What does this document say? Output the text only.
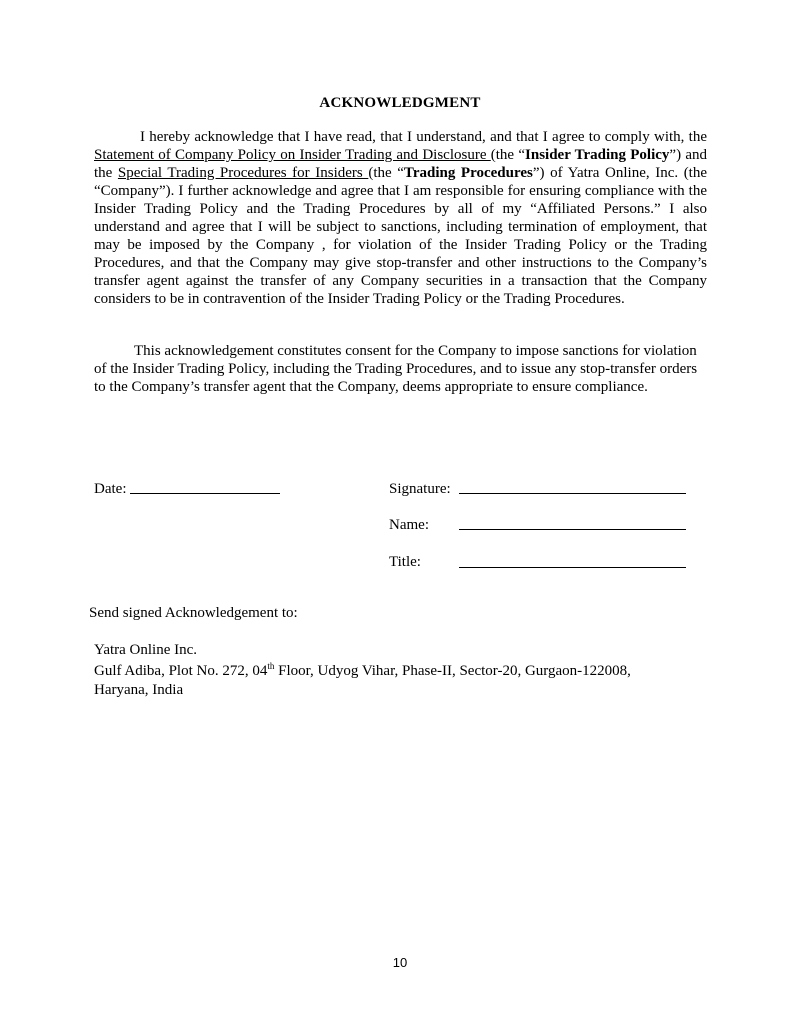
ACKNOWLEDGMENT
I hereby acknowledge that I have read, that I understand, and that I agree to comply with, the Statement of Company Policy on Insider Trading and Disclosure (the “Insider Trading Policy”) and the Special Trading Procedures for Insiders (the “Trading Procedures”) of Yatra Online, Inc. (the “Company”). I further acknowledge and agree that I am responsible for ensuring compliance with the Insider Trading Policy and the Trading Procedures by all of my “Affiliated Persons.” I also understand and agree that I will be subject to sanctions, including termination of employment, that may be imposed by the Company , for violation of the Insider Trading Policy or the Trading Procedures, and that the Company may give stop-transfer and other instructions to the Company’s transfer agent against the transfer of any Company securities in a transaction that the Company considers to be in contravention of the Insider Trading Policy or the Trading Procedures.
This acknowledgement constitutes consent for the Company to impose sanctions for violation of the Insider Trading Policy, including the Trading Procedures, and to issue any stop-transfer orders to the Company’s transfer agent that the Company, deems appropriate to ensure compliance.
Date:	Signature:
Name:
Title:
Send signed Acknowledgement to:
Yatra Online Inc.
Gulf Adiba, Plot No. 272, 04th Floor, Udyog Vihar, Phase-II, Sector-20, Gurgaon-122008,
Haryana, India
10
